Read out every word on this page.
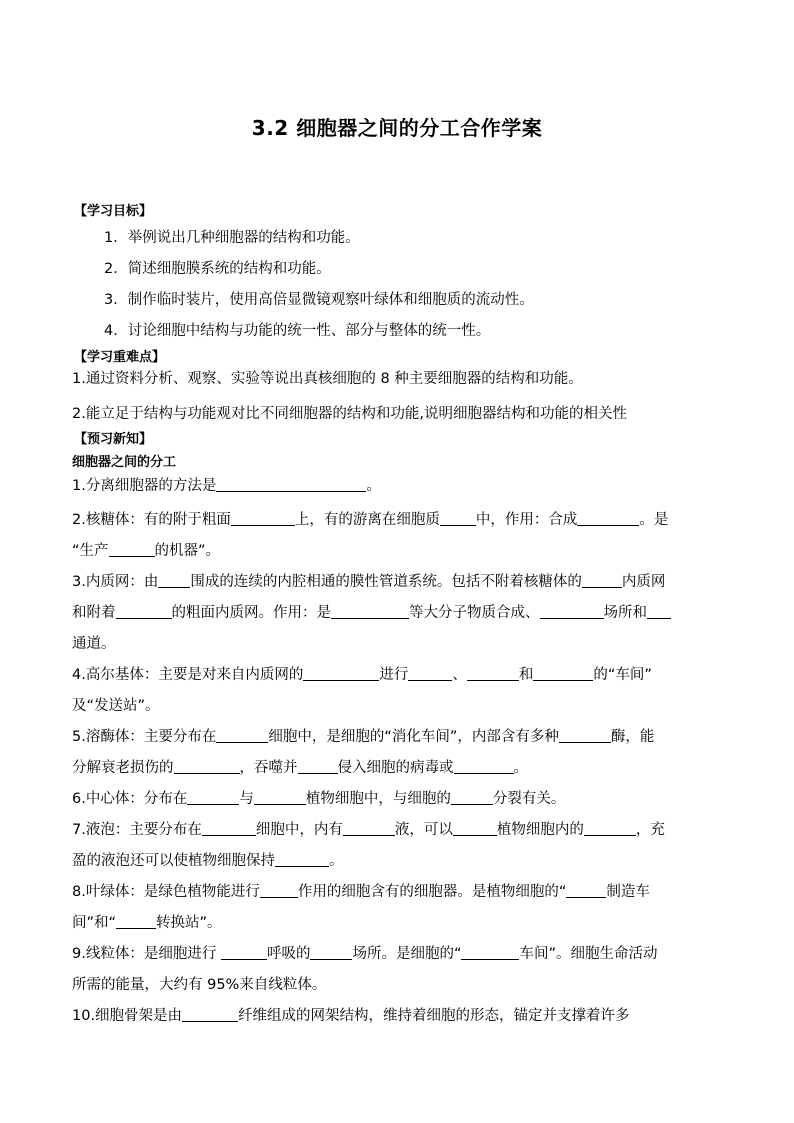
3.2 细胞器之间的分工合作学案
【学习目标】
1．举例说出几种细胞器的结构和功能。
2．简述细胞膜系统的结构和功能。
3．制作临时装片，使用高倍显微镜观察叶绿体和细胞质的流动性。
4．讨论细胞中结构与功能的统一性、部分与整体的统一性。
【学习重难点】
1.通过资料分析、观察、实验等说出真核细胞的 8 种主要细胞器的结构和功能。
2.能立足于结构与功能观对比不同细胞器的结构和功能,说明细胞器结构和功能的相关性
【预习新知】
细胞器之间的分工
1.分离细胞器的方法是	。
2.核糖体：有的附于粗面	上，有的游离在细胞质 中，作用：合成	。是
“生产	的机器”。
3.内质网：由 围成的连续的内腔相通的膜性管道系统。包括不附着核糖体的	内质网
和附着	的粗面内质网。作用：是	等大分子物质合成、	场所和
通道。
4.高尔基体：主要是对来自内质网的	进行	、	和	的“车间”
及“发送站”。
5.溶酶体：主要分布在	细胞中，是细胞的“消化车间”，内部含有多种	酶，能
分解衰老损伤的	，吞噬并	侵入细胞的病毒或	。
6.中心体：分布在	与	植物细胞中，与细胞的	分裂有关。
7.液泡：主要分布在	细胞中，内有	液，可以	植物细胞内的	，充
盈的液泡还可以使植物细胞保持	。
8.叶绿体：是绿色植物能进行	作用的细胞含有的细胞器。是植物细胞的“	制造车
间”和“	转换站”。
9.线粒体：是细胞进行	呼吸的	场所。是细胞的“	车间”。细胞生命活动
所需的能量，大约有 95%来自线粒体。
10.细胞骨架是由	纤维组成的网架结构，维持着细胞的形态，锚定并支撑着许多
